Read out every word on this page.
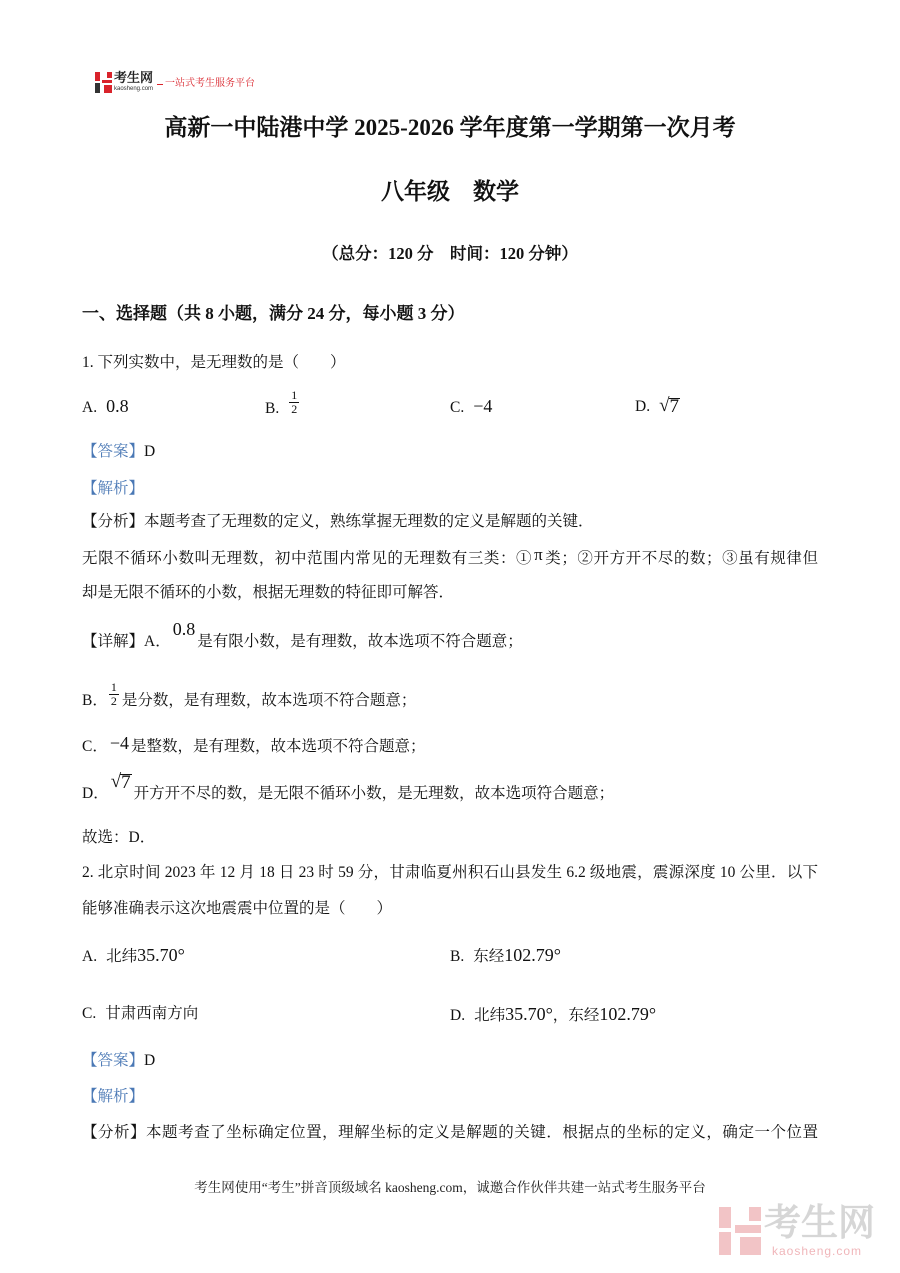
考生网
kaosheng.com 一站式考生服务平台
高新一中陆港中学 2025-2026 学年度第一学期第一次月考
八年级　数学
（总分：120 分　时间：120 分钟）
一、选择题（共 8 小题，满分 24 分，每小题 3 分）
1. 下列实数中，是无理数的是（　　）
A. 0.8	B. $\frac{1}{2}$	C. −4	D. √7
【答案】D
【解析】
【分析】本题考查了无理数的定义，熟练掌握无理数的定义是解题的关键．
无限不循环小数叫无理数，初中范围内常见的无理数有三类：① π 类；②开方开不尽的数；③虽有规律但
却是无限不循环的小数，根据无理数的特征即可解答．
【详解】A．0.8是有限小数，是有理数，故本选项不符合题意；
B． $\frac{1}{2}$ 是分数，是有理数，故本选项不符合题意；
C． −4 是整数，是有理数，故本选项不符合题意；
D．√7开方开不尽的数，是无限不循环小数，是无理数，故本选项符合题意；
故选：D．
2. 北京时间 2023 年 12 月 18 日 23 时 59 分，甘肃临夏州积石山县发生 6.2 级地震，震源深度 10 公里．以下
能够准确表示这次地震震中位置的是（　　）
A. 北纬35.70°	B. 东经102.79°
C. 甘肃西南方向	D. 北纬35.70°，东经102.79°
【答案】D
【解析】
【分析】本题考查了坐标确定位置，理解坐标的定义是解题的关键．根据点的坐标的定义，确定一个位置
考生网使用“考生”拼音顶级域名 kaosheng.com，诚邀合作伙伴共建一站式考生服务平台
考生网
kaosheng.com
